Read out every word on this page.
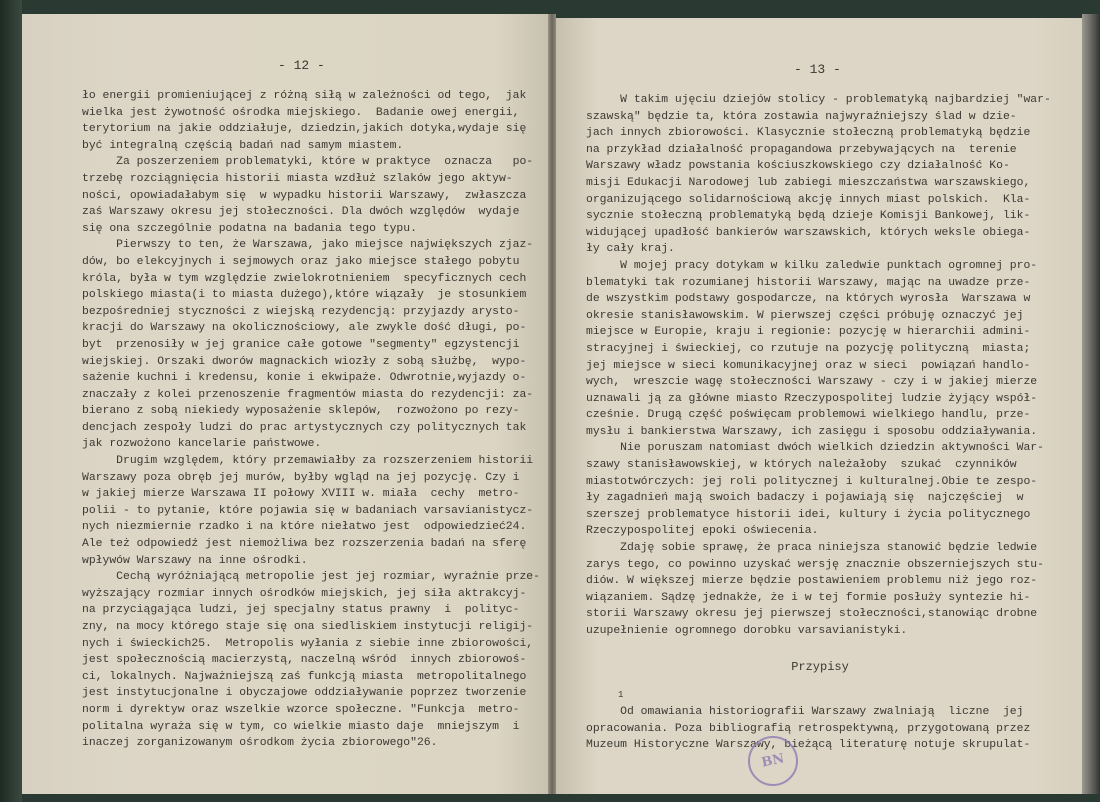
- 12 -
ło energii promieniującej z różną siłą w zależności od tego,  jak
wielka jest żywotność ośrodka miejskiego.  Badanie owej energii,
terytorium na jakie oddziałuje, dziedzin,jakich dotyka,wydaje się
być integralną częścią badań nad samym miastem.
Za poszerzeniem problematyki, które w praktyce  oznacza   po-
trzebę rozciągnięcia historii miasta wzdłuż szlaków jego aktyw-
ności, opowiadałabym się  w wypadku historii Warszawy,  zwłaszcza
zaś Warszawy okresu jej stołeczności. Dla dwóch względów  wydaje
się ona szczególnie podatna na badania tego typu.
Pierwszy to ten, że Warszawa, jako miejsce największych zjaz-
dów, bo elekcyjnych i sejmowych oraz jako miejsce stałego pobytu
króla, była w tym względzie zwielokrotnieniem  specyficznych cech
polskiego miasta(i to miasta dużego),które wiązały  je stosunkiem
bezpośredniej styczności z wiejską rezydencją: przyjazdy arysto-
kracji do Warszawy na okolicznościowy, ale zwykle dość długi, po-
byt  przenosiły w jej granice całe gotowe "segmenty" egzystencji
wiejskiej. Orszaki dworów magnackich wiozły z sobą służbę,  wypo-
sażenie kuchni i kredensu, konie i ekwipaże. Odwrotnie,wyjazdy o-
znaczały z kolei przenoszenie fragmentów miasta do rezydencji: za-
bierano z sobą niekiedy wyposażenie sklepów,  rozwożono po rezy-
dencjach zespoły ludzi do prac artystycznych czy politycznych tak
jak rozwożono kancelarie państwowe.
Drugim względem, który przemawiałby za rozszerzeniem historii
Warszawy poza obręb jej murów, byłby wgląd na jej pozycję. Czy i
w jakiej mierze Warszawa II połowy XVIII w. miała  cechy  metro-
polii - to pytanie, które pojawia się w badaniach varsavianistycz-
nych niezmiernie rzadko i na które niełatwo jest  odpowiedzieć24.
Ale też odpowiedź jest niemożliwa bez rozszerzenia badań na sferę
wpływów Warszawy na inne ośrodki.
Cechą wyróżniającą metropolie jest jej rozmiar, wyraźnie prze-
wyższający rozmiar innych ośrodków miejskich, jej siła aktrakcyj-
na przyciągająca ludzi, jej specjalny status prawny  i  polityc-
zny, na mocy którego staje się ona siedliskiem instytucji religij-
nych i świeckich25.  Metropolis wyłania z siebie inne zbiorowości,
jest społecznością macierzystą, naczelną wśród  innych zbiorowoś-
ci, lokalnych. Najważniejszą zaś funkcją miasta  metropolitalnego
jest instytucjonalne i obyczajowe oddziaływanie poprzez tworzenie
norm i dyrektyw oraz wszelkie wzorce społeczne. "Funkcja  metro-
politalna wyraża się w tym, co wielkie miasto daje  mniejszym  i
inaczej zorganizowanym ośrodkom życia zbiorowego"26.
- 13 -
W takim ujęciu dziejów stolicy - problematyką najbardziej "war-
szawską" będzie ta, która zostawia najwyraźniejszy ślad w dzie-
jach innych zbiorowości. Klasycznie stołeczną problematyką będzie
na przykład działalność propagandowa przebywających na  terenie
Warszawy władz powstania kościuszkowskiego czy działalność Ko-
misji Edukacji Narodowej lub zabiegi mieszczaństwa warszawskiego,
organizującego solidarnościową akcję innych miast polskich.  Kla-
sycznie stołeczną problematyką będą dzieje Komisji Bankowej, lik-
widującej upadłość bankierów warszawskich, których weksle obiega-
ły cały kraj.
W mojej pracy dotykam w kilku zaledwie punktach ogromnej pro-
blematyki tak rozumianej historii Warszawy, mając na uwadze prze-
de wszystkim podstawy gospodarcze, na których wyrosła  Warszawa w
okresie stanisławowskim. W pierwszej części próbuję oznaczyć jej
miejsce w Europie, kraju i regionie: pozycję w hierarchii admini-
stracyjnej i świeckiej, co rzutuje na pozycję polityczną  miasta;
jej miejsce w sieci komunikacyjnej oraz w sieci  powiązań handlo-
wych,  wreszcie wagę stołeczności Warszawy - czy i w jakiej mierze
uznawali ją za główne miasto Rzeczypospolitej ludzie żyjący współ-
cześnie. Drugą część poświęcam problemowi wielkiego handlu, prze-
mysłu i bankierstwa Warszawy, ich zasięgu i sposobu oddziaływania.
Nie poruszam natomiast dwóch wielkich dziedzin aktywności War-
szawy stanisławowskiej, w których należałoby  szukać  czynników
miastotwórczych: jej roli politycznej i kulturalnej.Obie te zespo-
ły zagadnień mają swoich badaczy i pojawiają się  najczęściej  w
szerszej problematyce historii idei, kultury i życia politycznego
Rzeczypospolitej epoki oświecenia.
Zdaję sobie sprawę, że praca niniejsza stanowić będzie ledwie
zarys tego, co powinno uzyskać wersję znacznie obszerniejszych stu-
diów. W większej mierze będzie postawieniem problemu niż jego roz-
wiązaniem. Sądzę jednakże, że i w tej formie posłuży syntezie hi-
storii Warszawy okresu jej pierwszej stołeczności,stanowiąc drobne
uzupełnienie ogromnego dorobku varsavianistyki.
Przypisy
1
Od omawiania historiografii Warszawy zwalniają  liczne  jej
opracowania. Poza bibliografią retrospektywną, przygotowaną przez
Muzeum Historyczne Warszawy, bieżącą literaturę notuje skrupulat-
BN
